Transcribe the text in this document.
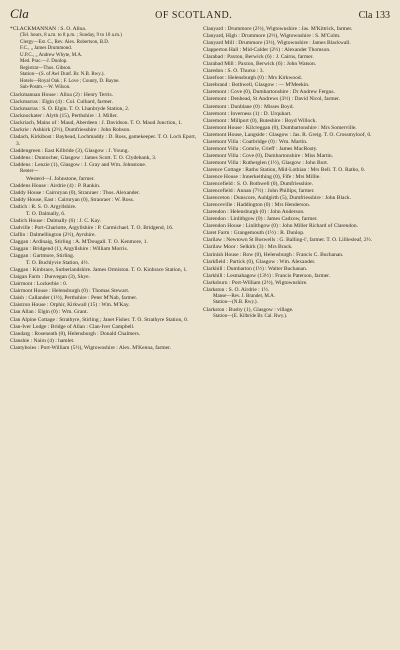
Cla	OF SCOTLAND.	Cla 133

*CLACKMANNAN : S. O. Alloa.

(Tel. hours, 8 a.m. to 8 p.m. ; Sunday, 9 to 10 a.m.)

Clergy—Est. C., Rev. Alex. Robertson, B.D.

F.C., „ James Drummond.

U.P.C., „ Andrew Whyte, M.A.

Med. Prac.—J. Dunlop.

Registrar—Thos. Gibson.

Station—(S. of Awl Dunf. Br. N.B. Rwy.).

Hotels—Royal Oak ; F. Love ; County, D. Bayne.

Sub-Postm.—W. Wilson.

Clackmannan House : Alloa (2) : Henry Terris.

Clackmarras : Elgin (4) : Col. Culbard, farmer.

Clackmarras : S. O. Elgin. T. O. Lhanbryde Station, 2.

Clacknockater : Alyth (15), Perthshire : J. Miller.

Clackriach, Mains of : Maud, Aberdeen : J. Davidson. T. O. Maud Junction, 1.

Clackrie : Ashkirk (2½), Dumfriesshire : John Robson.

Cladach, Kirkibost : Bayhead, Lochmaddy : D. Ross, gamekeeper. T. O. Loch Eport, 3.

Claddengreen : East Kilbride (3), Glasgow : J. Young.

Claddens : Duntocher, Glasgow : James Scott. T. O. Clydebank, 3.

Claddens : Lenzie (1), Glasgow : J. Gray and Wm. Johnstone.

Renter—

Westerd—J. Johnstone, farmer.

Claddens House : Airdrie (4) : P. Rankin.

Claddy House : Cairnryan (0), Stranraer : Thos. Alexander.

Claddy House, East : Cairnryan (0), Stranraer : W. Ross.

Cladich : R. S. O. Argyllshire.

T. O. Dalmally, 6.

Cladich House : Dalmally (6) : J. C. Kay.

Cladville : Port-Charlotte, Argyllshire : P. Carmichael. T. O. Bridgend, 16.

Claflin : Dalmellington (2½), Ayrshire.

Claggan : Ardinaig, Stirling : A. M'Dougall. T. O. Kenmore, 1.

Claggan : Bridgend (1), Argyllshire : William Morris.

Claggan : Gartmore, Stirling.

T. O. Buchlyvie Station, 4½.

Claggan : Kinbrace, Sutherlandshire. James Ormiston. T. O. Kinbrace Station, 1.

Claigan Farm : Dunvegan (3), Skye.

Clairmont : Lockerbie : 0.

Clairmont House : Helensburgh (0) : Thomas Stewart.

Claish : Callander (1½), Perthshire : Peter M'Nab, farmer.

Claistron House : Orphir, Kirkwall (15) : Wm. M'Kay.

Clan Allan : Elgin (0) : Wm. Grant.

Clan Alpine Cottage : Strathyre, Stirling ; Janet Fisher. T. O. Strathyre Station, 0.

Clan-Iver Lodge : Bridge of Allan : Clan-Iver Campbell.

Clandarg : Roseneath (0), Helensburgh : Donald Chalmers.

Clanshie : Nairn (4) : hamlet.

Clantyboies : Port-William (5½), Wigtownshire : Alex. M'Kenna, farmer.

Clanyard : Drummore (2½), Wigtownshire : Jas. M'Kittrick, farmer.

Clanyard, High : Drummore (2½), Wigtownshire : S. M'Colm.

Clanyard Mill : Drummore (3½), Wigtownshire : James Blackwall.

Clapperton Hall : Mid-Calder (2½) : Alexander Thomson.

Clarabad : Paxton, Berwick (6) : J. Cairns, farmer.

Clarabad Mill : Paxton, Berwick (6) : John Watson.

Claredon : S. O. Thurso : 3.

Clarefoot : Helensburgh (0) : Mrs Kirkwood.

Clarebrand : Bothwell, Glasgow : — M'Meekin.

Claremont : Cove (0), Dumbartonshire : Dr Andrew Fergus.

Claremont : Denhead, St Andrews (3½) : David Nicol, farmer.

Claremont : Dunblane (0) : Misses Boyd.

Claremont : Inverness (1) : D. Urquhart.

Claremont : Millport (0), Buteshire : Boyd Willock.

Claremont House : Kilcreggan (0), Dumbartonshire : Mrs Somerville.

Claremont House, Langside : Glasgow : Jas. R. Greig. T. O. Crossmyloof, 0.

Claremont Villa : Coatbridge (0) : Wm. Martin.

Claremont Villa : Comrie, Crieff : James MacRosty.

Claremont Villa : Cove (0), Dumbartonshire : Miss Martin.

Claremont Villa : Rutherglen (1½), Glasgow : John Burt.

Clarence Cottage : Ratho Station, Mid-Lothian : Mrs Bell. T. O. Ratho, 0.

Clarence House : Innerkeithing (0), Fife : Mrs Millie.

Clarencefield : S. O. Bothwell (0), Dumfriesshire.

Clarencefield : Annan (7½) : John Phillips, farmer.

Clarenceton : Dunscore, Auldgirth (5), Dumfriesshire : John Black.

Clarenceville : Haddington (0) : Mrs Henderson.

Clarendon : Helensburgh (0) : John Anderson.

Clarendon : Linlithgow (0) : James Cadzow, farmer.

Clarendon House : Linlithgow (0) : John Miller Richard of Clarendon.

Claret Farm : Grangemouth (1½) : R. Dunlop.

Clarilaw : Newtown St Boswells : G. Balling-l', farmer. T. O. Lilliesleaf, 2½.

Clarilaw Moor : Selkirk (3) : Mrs Brack.

Clarinish House : Row (0), Helensburgh : Francis C. Buchanan.

Clarkfield : Partick (0), Glasgow : Wm. Alexander.

Clarkhill : Dumbarton (1½) : Walter Buchanan.

Clarkhill : Lesmahagow (13½) : Francis Paterson, farmer.

Clarksburn : Port-William (2½), Wigtownshire.

Clarkston : S. O. Airdrie : 1½.

Manse—Rev. J. Brander, M.A.

Station—(N.B. Rwy.).

Clarkston : Busby (1), Glasgow : village.

Station—(E. Kilbride Br. Cal. Rwy.).
